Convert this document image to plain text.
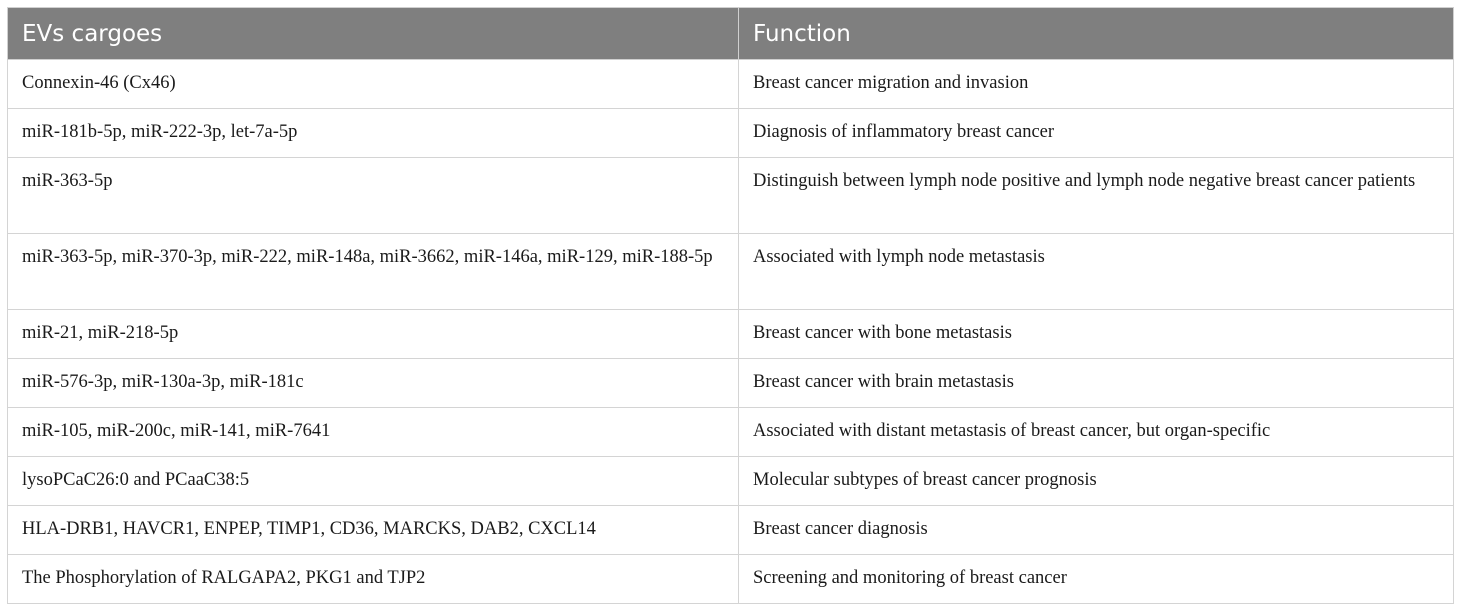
EVs cargoes	Function
Connexin-46 (Cx46)	Breast cancer migration and invasion
miR-181b-5p, miR-222-3p, let-7a-5p	Diagnosis of inflammatory breast cancer
miR-363-5p	Distinguish between lymph node positive and lymph node negative breast cancer patients
miR-363-5p, miR-370-3p, miR-222, miR-148a, miR-3662, miR-146a, miR-129, miR-188-5p	Associated with lymph node metastasis
miR-21, miR-218-5p	Breast cancer with bone metastasis
miR-576-3p, miR-130a-3p, miR-181c	Breast cancer with brain metastasis
miR-105, miR-200c, miR-141, miR-7641	Associated with distant metastasis of breast cancer, but organ-specific
lysoPCaC26:0 and PCaaC38:5	Molecular subtypes of breast cancer prognosis
HLA-DRB1, HAVCR1, ENPEP, TIMP1, CD36, MARCKS, DAB2, CXCL14	Breast cancer diagnosis
The Phosphorylation of RALGAPA2, PKG1 and TJP2	Screening and monitoring of breast cancer
